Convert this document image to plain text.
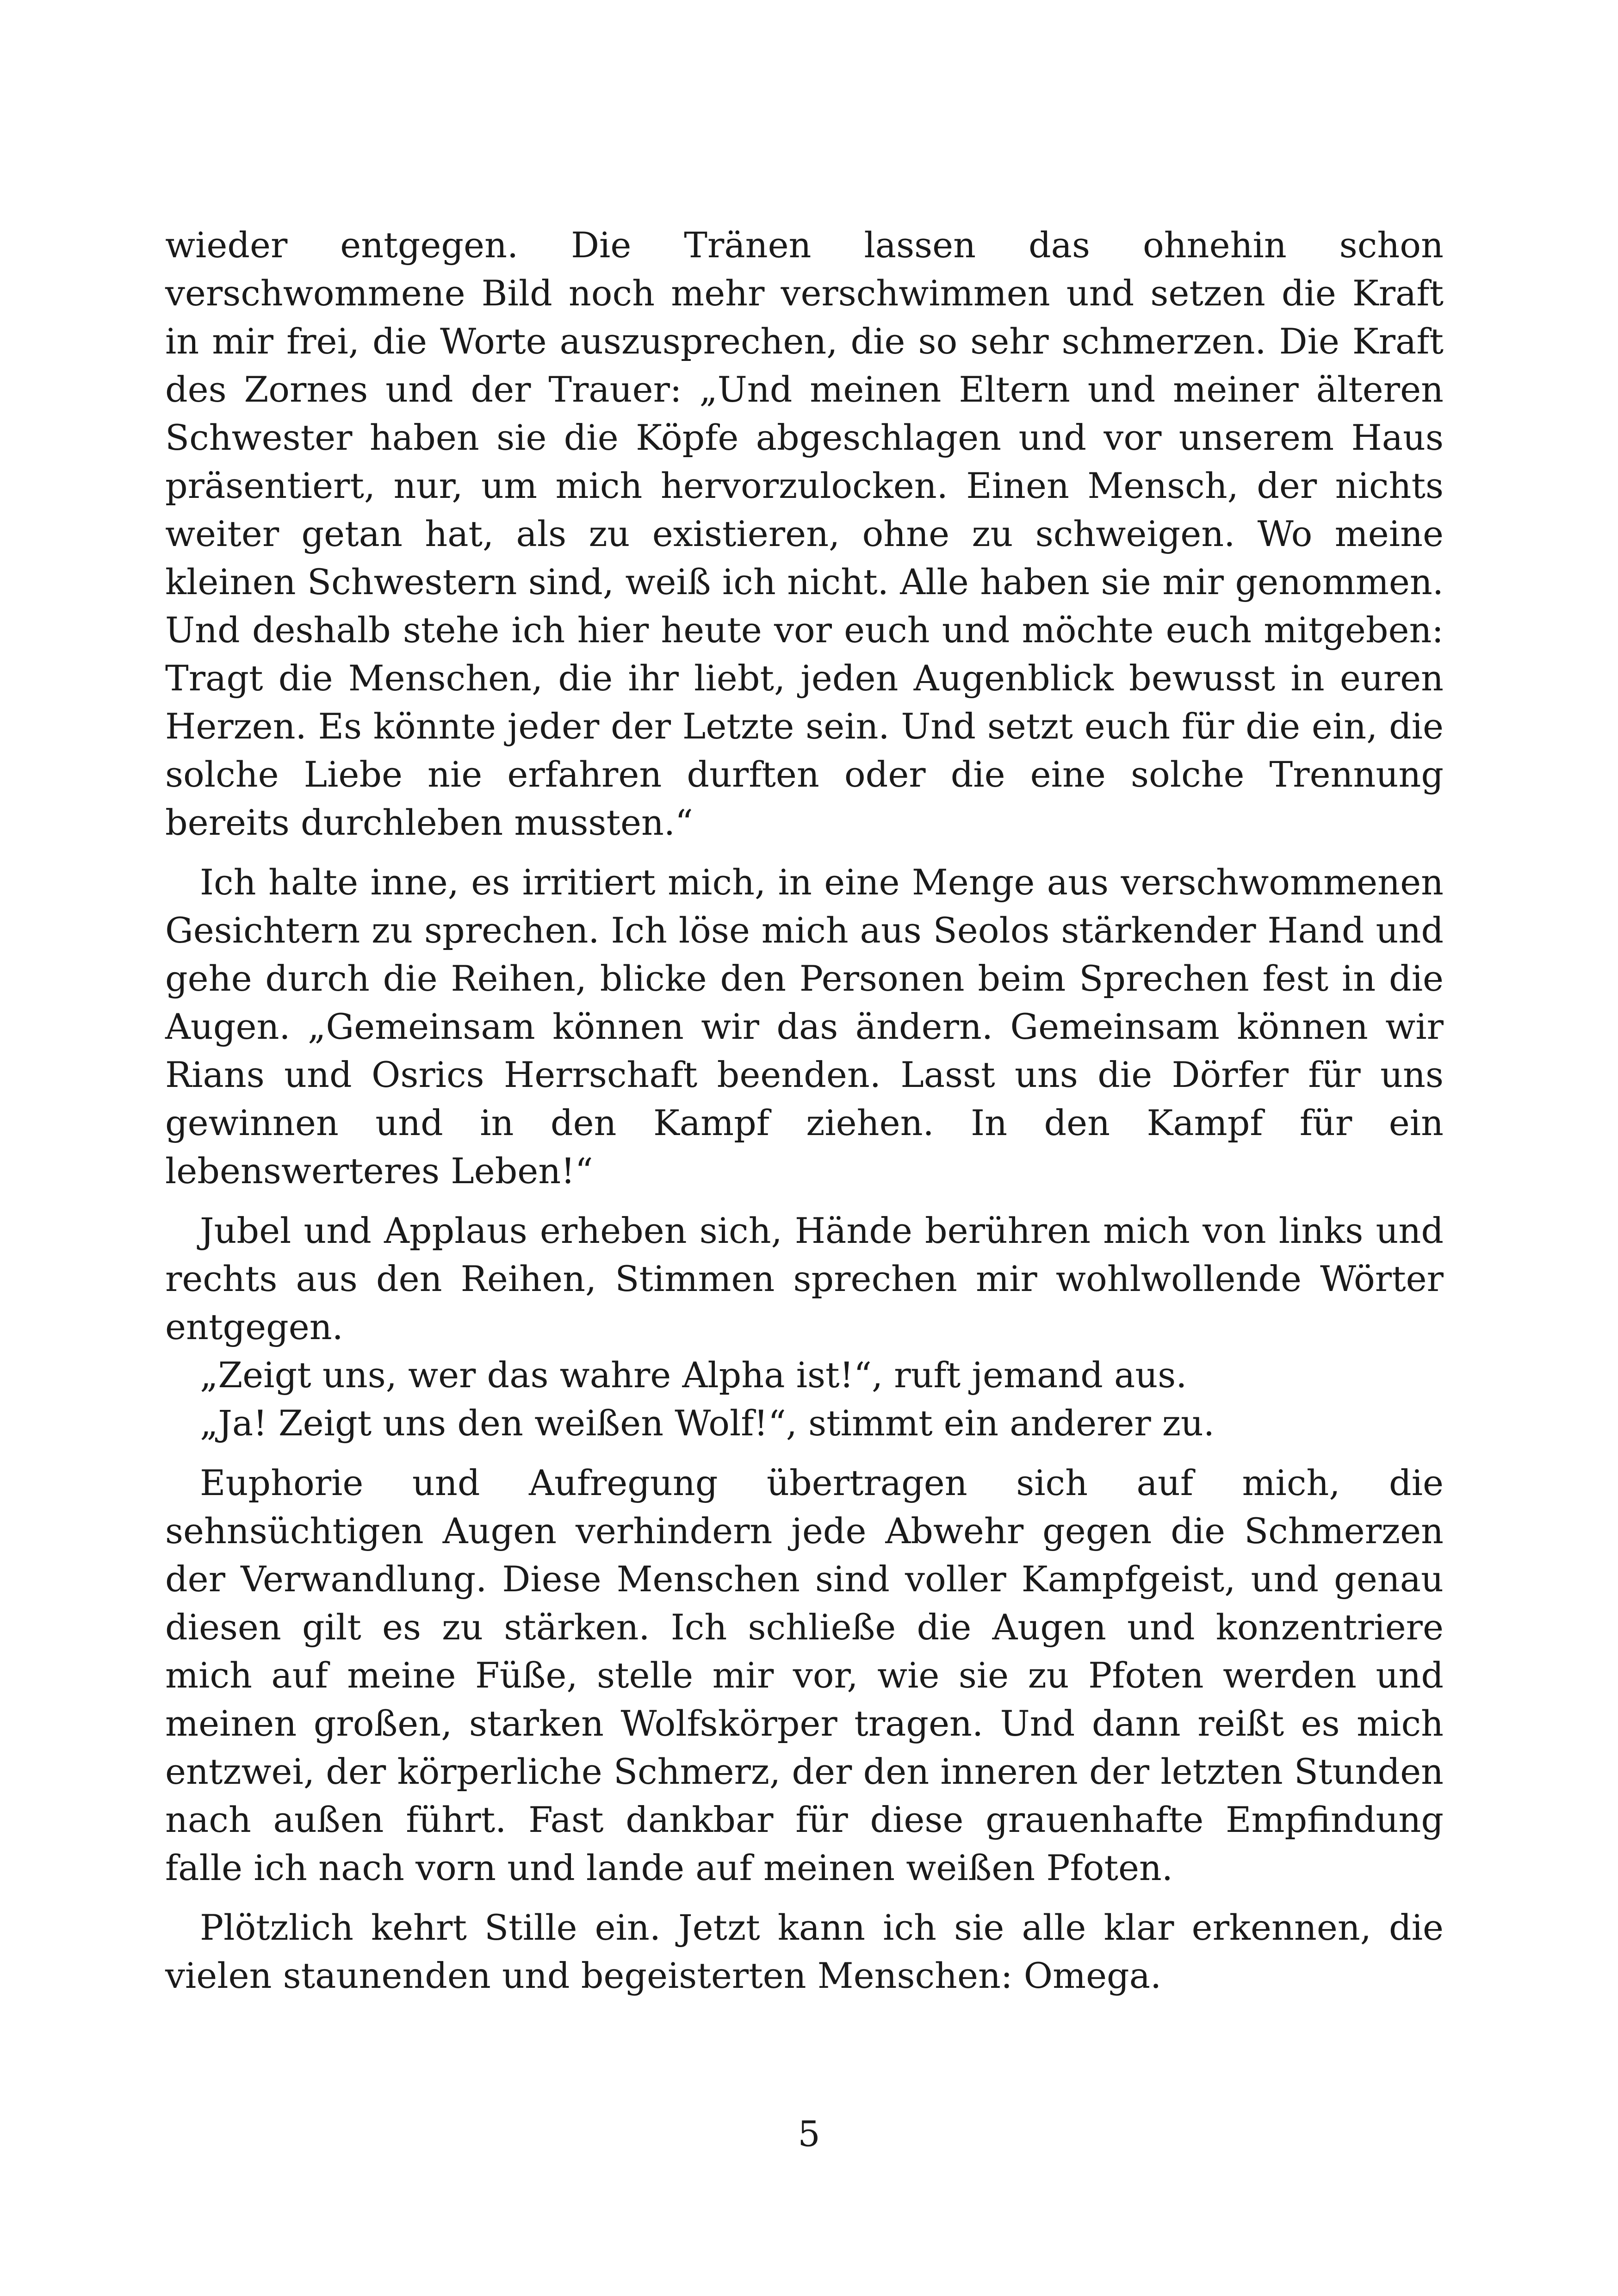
wieder entgegen. Die Tränen lassen das ohnehin schon verschwommene Bild noch mehr verschwimmen und setzen die Kraft in mir frei, die Worte auszusprechen, die so sehr schmerzen. Die Kraft des Zornes und der Trauer: „Und meinen Eltern und meiner älteren Schwester haben sie die Köpfe abgeschlagen und vor unserem Haus präsentiert, nur, um mich hervorzulocken. Einen Mensch, der nichts weiter getan hat, als zu existieren, ohne zu schweigen. Wo meine kleinen Schwestern sind, weiß ich nicht. Alle haben sie mir genommen. Und deshalb stehe ich hier heute vor euch und möchte euch mitgeben: Tragt die Menschen, die ihr liebt, jeden Augenblick bewusst in euren Herzen. Es könnte jeder der Letzte sein. Und setzt euch für die ein, die solche Liebe nie erfahren durften oder die eine solche Trennung bereits durchleben mussten.“

Ich halte inne, es irritiert mich, in eine Menge aus verschwommenen Gesichtern zu sprechen. Ich löse mich aus Seolos stärkender Hand und gehe durch die Reihen, blicke den Personen beim Sprechen fest in die Augen. „Gemeinsam können wir das ändern. Gemeinsam können wir Rians und Osrics Herrschaft beenden. Lasst uns die Dörfer für uns gewinnen und in den Kampf ziehen. In den Kampf für ein lebenswerteres Leben!“

Jubel und Applaus erheben sich, Hände berühren mich von links und rechts aus den Reihen, Stimmen sprechen mir wohlwollende Wörter entgegen.

„Zeigt uns, wer das wahre Alpha ist!“, ruft jemand aus.

„Ja! Zeigt uns den weißen Wolf!“, stimmt ein anderer zu.

Euphorie und Aufregung übertragen sich auf mich, die sehnsüchtigen Augen verhindern jede Abwehr gegen die Schmerzen der Verwandlung. Diese Menschen sind voller Kampfgeist, und genau diesen gilt es zu stärken. Ich schließe die Augen und konzentriere mich auf meine Füße, stelle mir vor, wie sie zu Pfoten werden und meinen großen, starken Wolfskörper tragen. Und dann reißt es mich entzwei, der körperliche Schmerz, der den inneren der letzten Stunden nach außen führt. Fast dankbar für diese grauenhafte Empfindung falle ich nach vorn und lande auf meinen weißen Pfoten.

Plötzlich kehrt Stille ein. Jetzt kann ich sie alle klar erkennen, die vielen staunenden und begeisterten Menschen: Omega.

5
